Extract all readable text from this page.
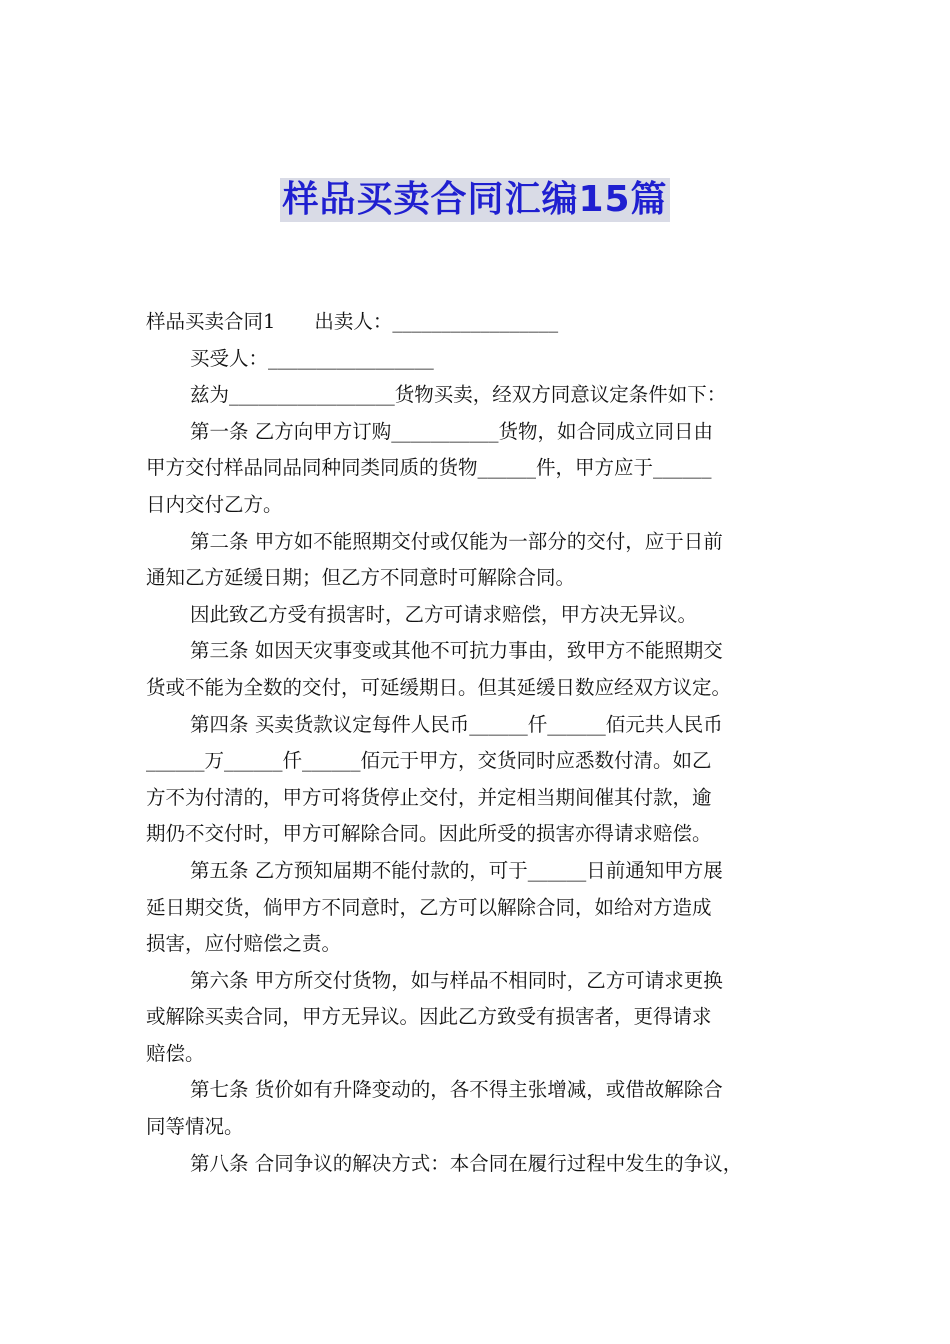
样品买卖合同汇编15篇
样品买卖合同1　　出卖人：_________________
买受人：_________________
兹为_________________货物买卖，经双方同意议定条件如下：
第一条 乙方向甲方订购___________货物，如合同成立同日由
甲方交付样品同品同种同类同质的货物______件，甲方应于______
日内交付乙方。
第二条 甲方如不能照期交付或仅能为一部分的交付，应于日前
通知乙方延缓日期；但乙方不同意时可解除合同。
因此致乙方受有损害时，乙方可请求赔偿，甲方决无异议。
第三条 如因天灾事变或其他不可抗力事由，致甲方不能照期交
货或不能为全数的交付，可延缓期日。但其延缓日数应经双方议定。
第四条 买卖货款议定每件人民币______仟______佰元共人民币
______万______仟______佰元于甲方，交货同时应悉数付清。如乙
方不为付清的，甲方可将货停止交付，并定相当期间催其付款，逾
期仍不交付时，甲方可解除合同。因此所受的损害亦得请求赔偿。
第五条 乙方预知届期不能付款的，可于______日前通知甲方展
延日期交货，倘甲方不同意时，乙方可以解除合同，如给对方造成
损害，应付赔偿之责。
第六条 甲方所交付货物，如与样品不相同时，乙方可请求更换
或解除买卖合同，甲方无异议。因此乙方致受有损害者，更得请求
赔偿。
第七条 货价如有升降变动的，各不得主张增减，或借故解除合
同等情况。
第八条 合同争议的解决方式：本合同在履行过程中发生的争议，
